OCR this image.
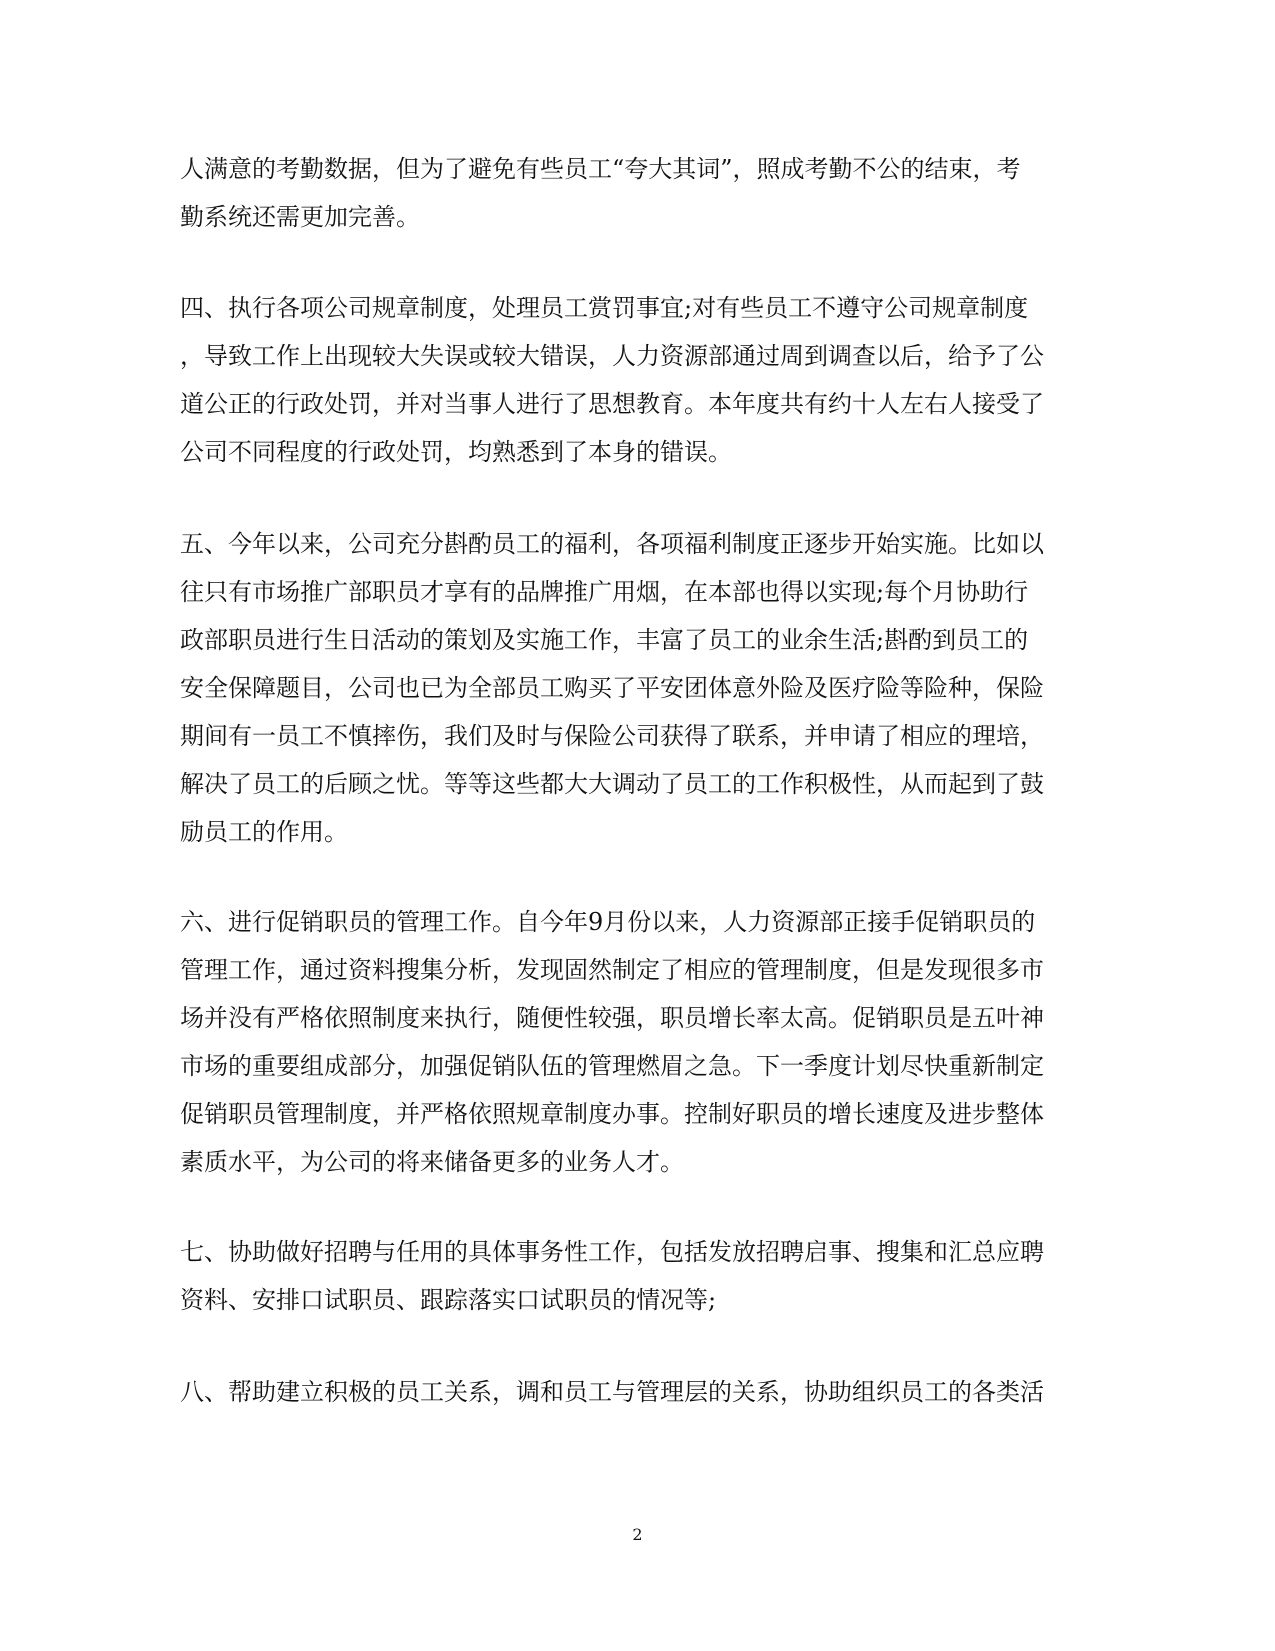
人满意的考勤数据，但为了避免有些员工“夸大其词”，照成考勤不公的结束，考
勤系统还需更加完善。
四、执行各项公司规章制度，处理员工赏罚事宜;对有些员工不遵守公司规章制度
，导致工作上出现较大失误或较大错误，人力资源部通过周到调查以后，给予了公
道公正的行政处罚，并对当事人进行了思想教育。本年度共有约十人左右人接受了
公司不同程度的行政处罚，均熟悉到了本身的错误。
五、今年以来，公司充分斟酌员工的福利，各项福利制度正逐步开始实施。比如以
往只有市场推广部职员才享有的品牌推广用烟，在本部也得以实现;每个月协助行
政部职员进行生日活动的策划及实施工作，丰富了员工的业余生活;斟酌到员工的
安全保障题目，公司也已为全部员工购买了平安团体意外险及医疗险等险种，保险
期间有一员工不慎摔伤，我们及时与保险公司获得了联系，并申请了相应的理培，
解决了员工的后顾之忧。等等这些都大大调动了员工的工作积极性，从而起到了鼓
励员工的作用。
六、进行促销职员的管理工作。自今年9月份以来，人力资源部正接手促销职员的
管理工作，通过资料搜集分析，发现固然制定了相应的管理制度，但是发现很多市
场并没有严格依照制度来执行，随便性较强，职员增长率太高。促销职员是五叶神
市场的重要组成部分，加强促销队伍的管理燃眉之急。下一季度计划尽快重新制定
促销职员管理制度，并严格依照规章制度办事。控制好职员的增长速度及进步整体
素质水平，为公司的将来储备更多的业务人才。
七、协助做好招聘与任用的具体事务性工作，包括发放招聘启事、搜集和汇总应聘
资料、安排口试职员、跟踪落实口试职员的情况等;
八、帮助建立积极的员工关系，调和员工与管理层的关系，协助组织员工的各类活
2
